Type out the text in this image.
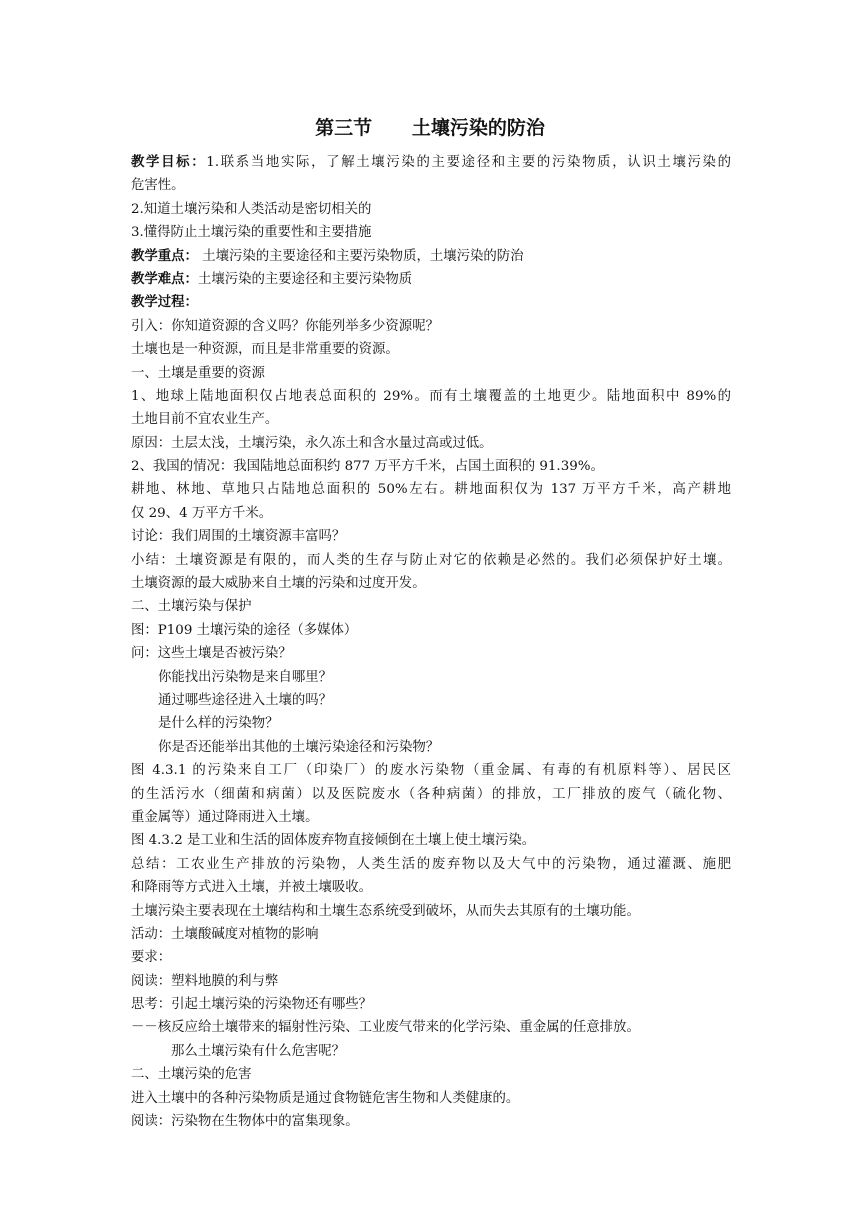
第三节      土壤污染的防治
教学目标：1.联系当地实际，了解土壤污染的主要途径和主要的污染物质，认识土壤污染的
危害性。
2.知道土壤污染和人类活动是密切相关的
3.懂得防止土壤污染的重要性和主要措施
教学重点： 土壤污染的主要途径和主要污染物质，土壤污染的防治
教学难点：土壤污染的主要途径和主要污染物质
教学过程：
引入：你知道资源的含义吗？你能列举多少资源呢？
土壤也是一种资源，而且是非常重要的资源。
一、土壤是重要的资源
1、地球上陆地面积仅占地表总面积的 29%。而有土壤覆盖的土地更少。陆地面积中 89%的
土地目前不宜农业生产。
原因：土层太浅，土壤污染，永久冻土和含水量过高或过低。
2、我国的情况：我国陆地总面积约 877 万平方千米，占国土面积的 91.39%。
耕地、林地、草地只占陆地总面积的 50%左右。耕地面积仅为 137 万平方千米，高产耕地
仅 29、4 万平方千米。
讨论：我们周围的土壤资源丰富吗？
小结：土壤资源是有限的，而人类的生存与防止对它的依赖是必然的。我们必须保护好土壤。
土壤资源的最大威胁来自土壤的污染和过度开发。
二、土壤污染与保护
图：P109 土壤污染的途径（多媒体）
问：这些土壤是否被污染？
你能找出污染物是来自哪里？
通过哪些途径进入土壤的吗？
是什么样的污染物？
你是否还能举出其他的土壤污染途径和污染物？
图 4.3.1 的污染来自工厂（印染厂）的废水污染物（重金属、有毒的有机原料等）、居民区
的生活污水（细菌和病菌）以及医院废水（各种病菌）的排放，工厂排放的废气（硫化物、
重金属等）通过降雨进入土壤。
图 4.3.2 是工业和生活的固体废弃物直接倾倒在土壤上使土壤污染。
总结：工农业生产排放的污染物，人类生活的废弃物以及大气中的污染物，通过灌溉、施肥
和降雨等方式进入土壤，并被土壤吸收。
土壤污染主要表现在土壤结构和土壤生态系统受到破坏，从而失去其原有的土壤功能。
活动：土壤酸碱度对植物的影响
要求：
阅读：塑料地膜的利与弊
思考：引起土壤污染的污染物还有哪些？
－－核反应给土壤带来的辐射性污染、工业废气带来的化学污染、重金属的任意排放。
那么土壤污染有什么危害呢？
二、土壤污染的危害
进入土壤中的各种污染物质是通过食物链危害生物和人类健康的。
阅读：污染物在生物体中的富集现象。
